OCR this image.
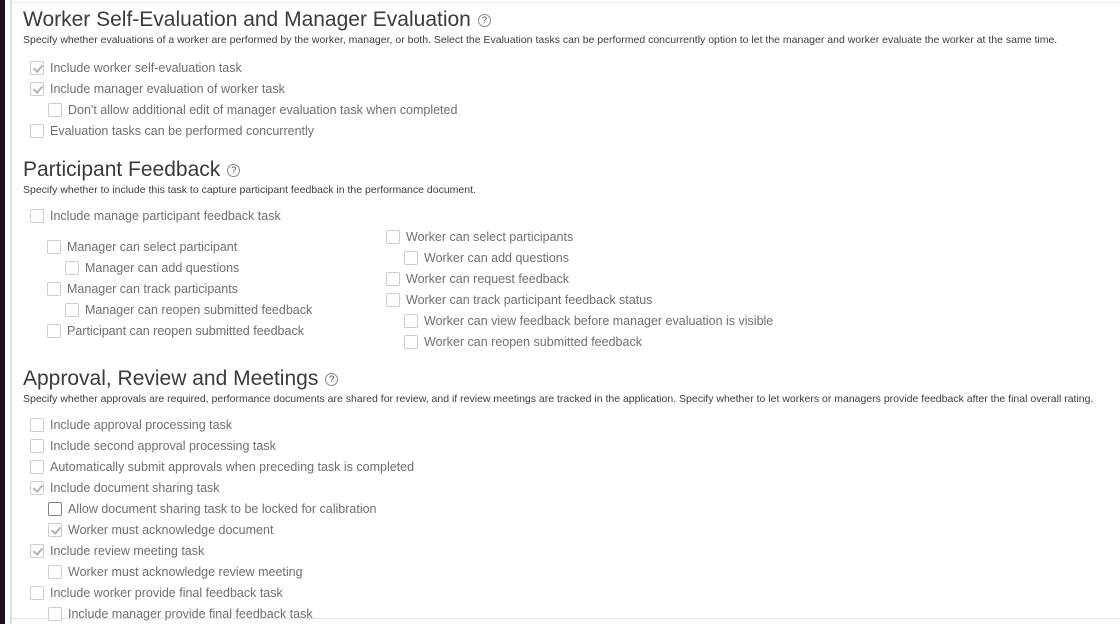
Worker Self-Evaluation and Manager Evaluation ?

Specify whether evaluations of a worker are performed by the worker, manager, or both. Select the Evaluation tasks can be performed concurrently option to let the manager and worker evaluate the worker at the same time.

Include worker self-evaluation task
Include manager evaluation of worker task
Don't allow additional edit of manager evaluation task when completed
Evaluation tasks can be performed concurrently
Participant Feedback ?

Specify whether to include this task to capture participant feedback in the performance document.

Include manage participant feedback task
Manager can select participant
Manager can add questions
Manager can track participants
Manager can reopen submitted feedback
Participant can reopen submitted feedback
Worker can select participants
Worker can add questions
Worker can request feedback
Worker can track participant feedback status
Worker can view feedback before manager evaluation is visible
Worker can reopen submitted feedback
Approval, Review and Meetings ?

Specify whether approvals are required, performance documents are shared for review, and if review meetings are tracked in the application. Specify whether to let workers or managers provide feedback after the final overall rating.

Include approval processing task
Include second approval processing task
Automatically submit approvals when preceding task is completed
Include document sharing task
Allow document sharing task to be locked for calibration
Worker must acknowledge document
Include review meeting task
Worker must acknowledge review meeting
Include worker provide final feedback task
Include manager provide final feedback task
